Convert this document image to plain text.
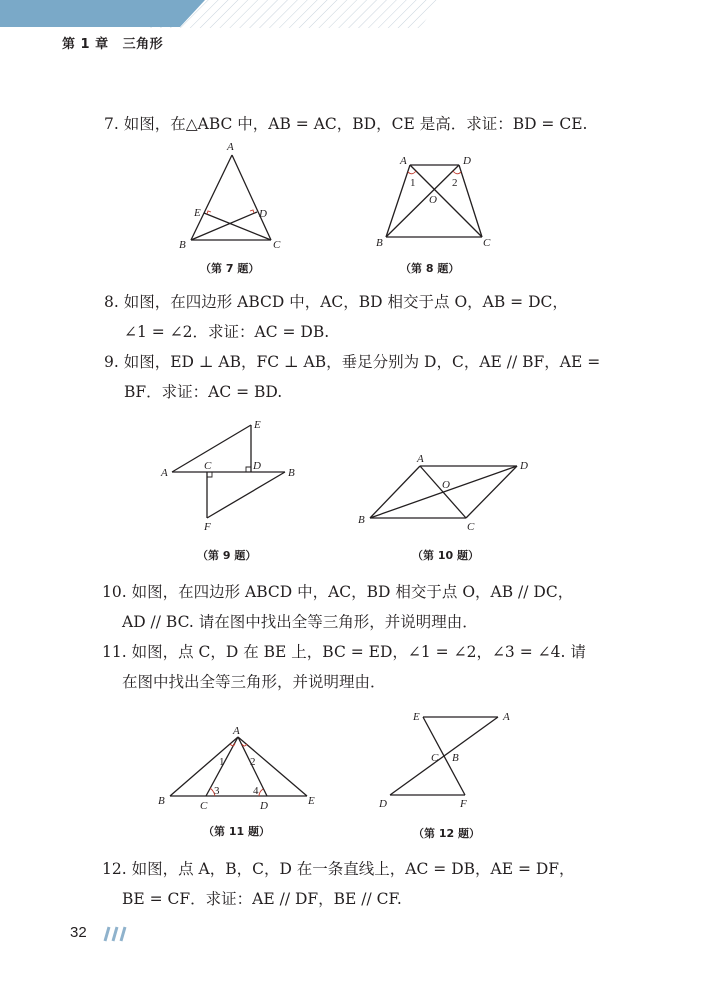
第 1 章 三角形
7. 如图，在△ABC 中，AB = AC，BD，CE 是高．求证：BD = CE.
A
B	C
D
E
（第 7 题）
A	D
B	C
O
1	2
（第 8 题）
8. 如图，在四边形 ABCD 中，AC，BD 相交于点 O，AB = DC，
∠1 = ∠2．求证：AC = DB.
9. 如图，ED ⊥ AB，FC ⊥ AB，垂足分别为 D，C，AE // BF，AE =
BF．求证：AC = BD.
A	B
C	D
E
F
（第 9 题）
A
D
B
C
O
（第 10 题）
10. 如图，在四边形 ABCD 中，AC，BD 相交于点 O，AB // DC，
AD // BC. 请在图中找出全等三角形，并说明理由．
11. 如图，点 C，D 在 BE 上，BC = ED，∠1 = ∠2，∠3 = ∠4. 请
在图中找出全等三角形，并说明理由．
A
B	C	D	E
1 2
3	4
（第 11 题）
E	A
C B
D	F
（第 12 题）
12. 如图，点 A，B，C，D 在一条直线上，AC = DB，AE = DF，
BE = CF．求证：AE // DF，BE // CF.
32
